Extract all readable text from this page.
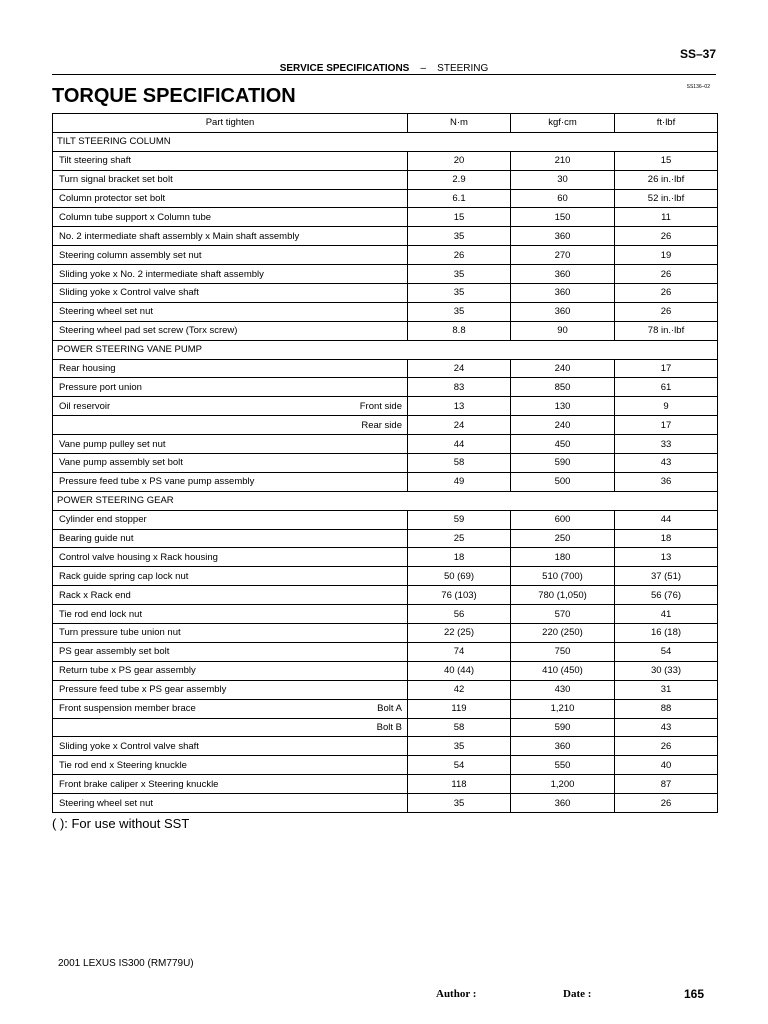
SS–37
SERVICE SPECIFICATIONS – STEERING
SS136–02
TORQUE SPECIFICATION
Part tighten	N·m	kgf·cm	ft·lbf
TILT STEERING COLUMN			

Tilt steering shaft	20	210	15

Turn signal bracket set bolt	2.9	30	26 in.·lbf

Column protector set bolt	6.1	60	52 in.·lbf

Column tube support x Column tube	15	150	11

No. 2 intermediate shaft assembly x Main shaft assembly	35	360	26

Steering column assembly set nut	26	270	19

Sliding yoke x No. 2 intermediate shaft assembly	35	360	26

Sliding yoke x Control valve shaft	35	360	26

Steering wheel set nut	35	360	26

Steering wheel pad set screw (Torx screw)	8.8	90	78 in.·lbf
POWER STEERING VANE PUMP			

Rear housing	24	240	17

Pressure port union	83	850	61

Oil reservoir Front side	13	130	9

Rear side	24	240	17

Vane pump pulley set nut	44	450	33

Vane pump assembly set bolt	58	590	43

Pressure feed tube x PS vane pump assembly	49	500	36
POWER STEERING GEAR			

Cylinder end stopper	59	600	44

Bearing guide nut	25	250	18

Control valve housing x Rack housing	18	180	13

Rack guide spring cap lock nut	50 (69)	510 (700)	37 (51)

Rack x Rack end	76 (103)	780 (1,050)	56 (76)

Tie rod end lock nut	56	570	41

Turn pressure tube union nut	22 (25)	220 (250)	16 (18)

PS gear assembly set bolt	74	750	54

Return tube x PS gear assembly	40 (44)	410 (450)	30 (33)

Pressure feed tube x PS gear assembly	42	430	31

Front suspension member brace Bolt A	119	1,210	88

Bolt B	58	590	43

Sliding yoke x Control valve shaft	35	360	26

Tie rod end x Steering knuckle	54	550	40

Front brake caliper x Steering knuckle	118	1,200	87

Steering wheel set nut	35	360	26
( ): For use without SST
2001 LEXUS IS300 (RM779U)
Author :	Date :	165
